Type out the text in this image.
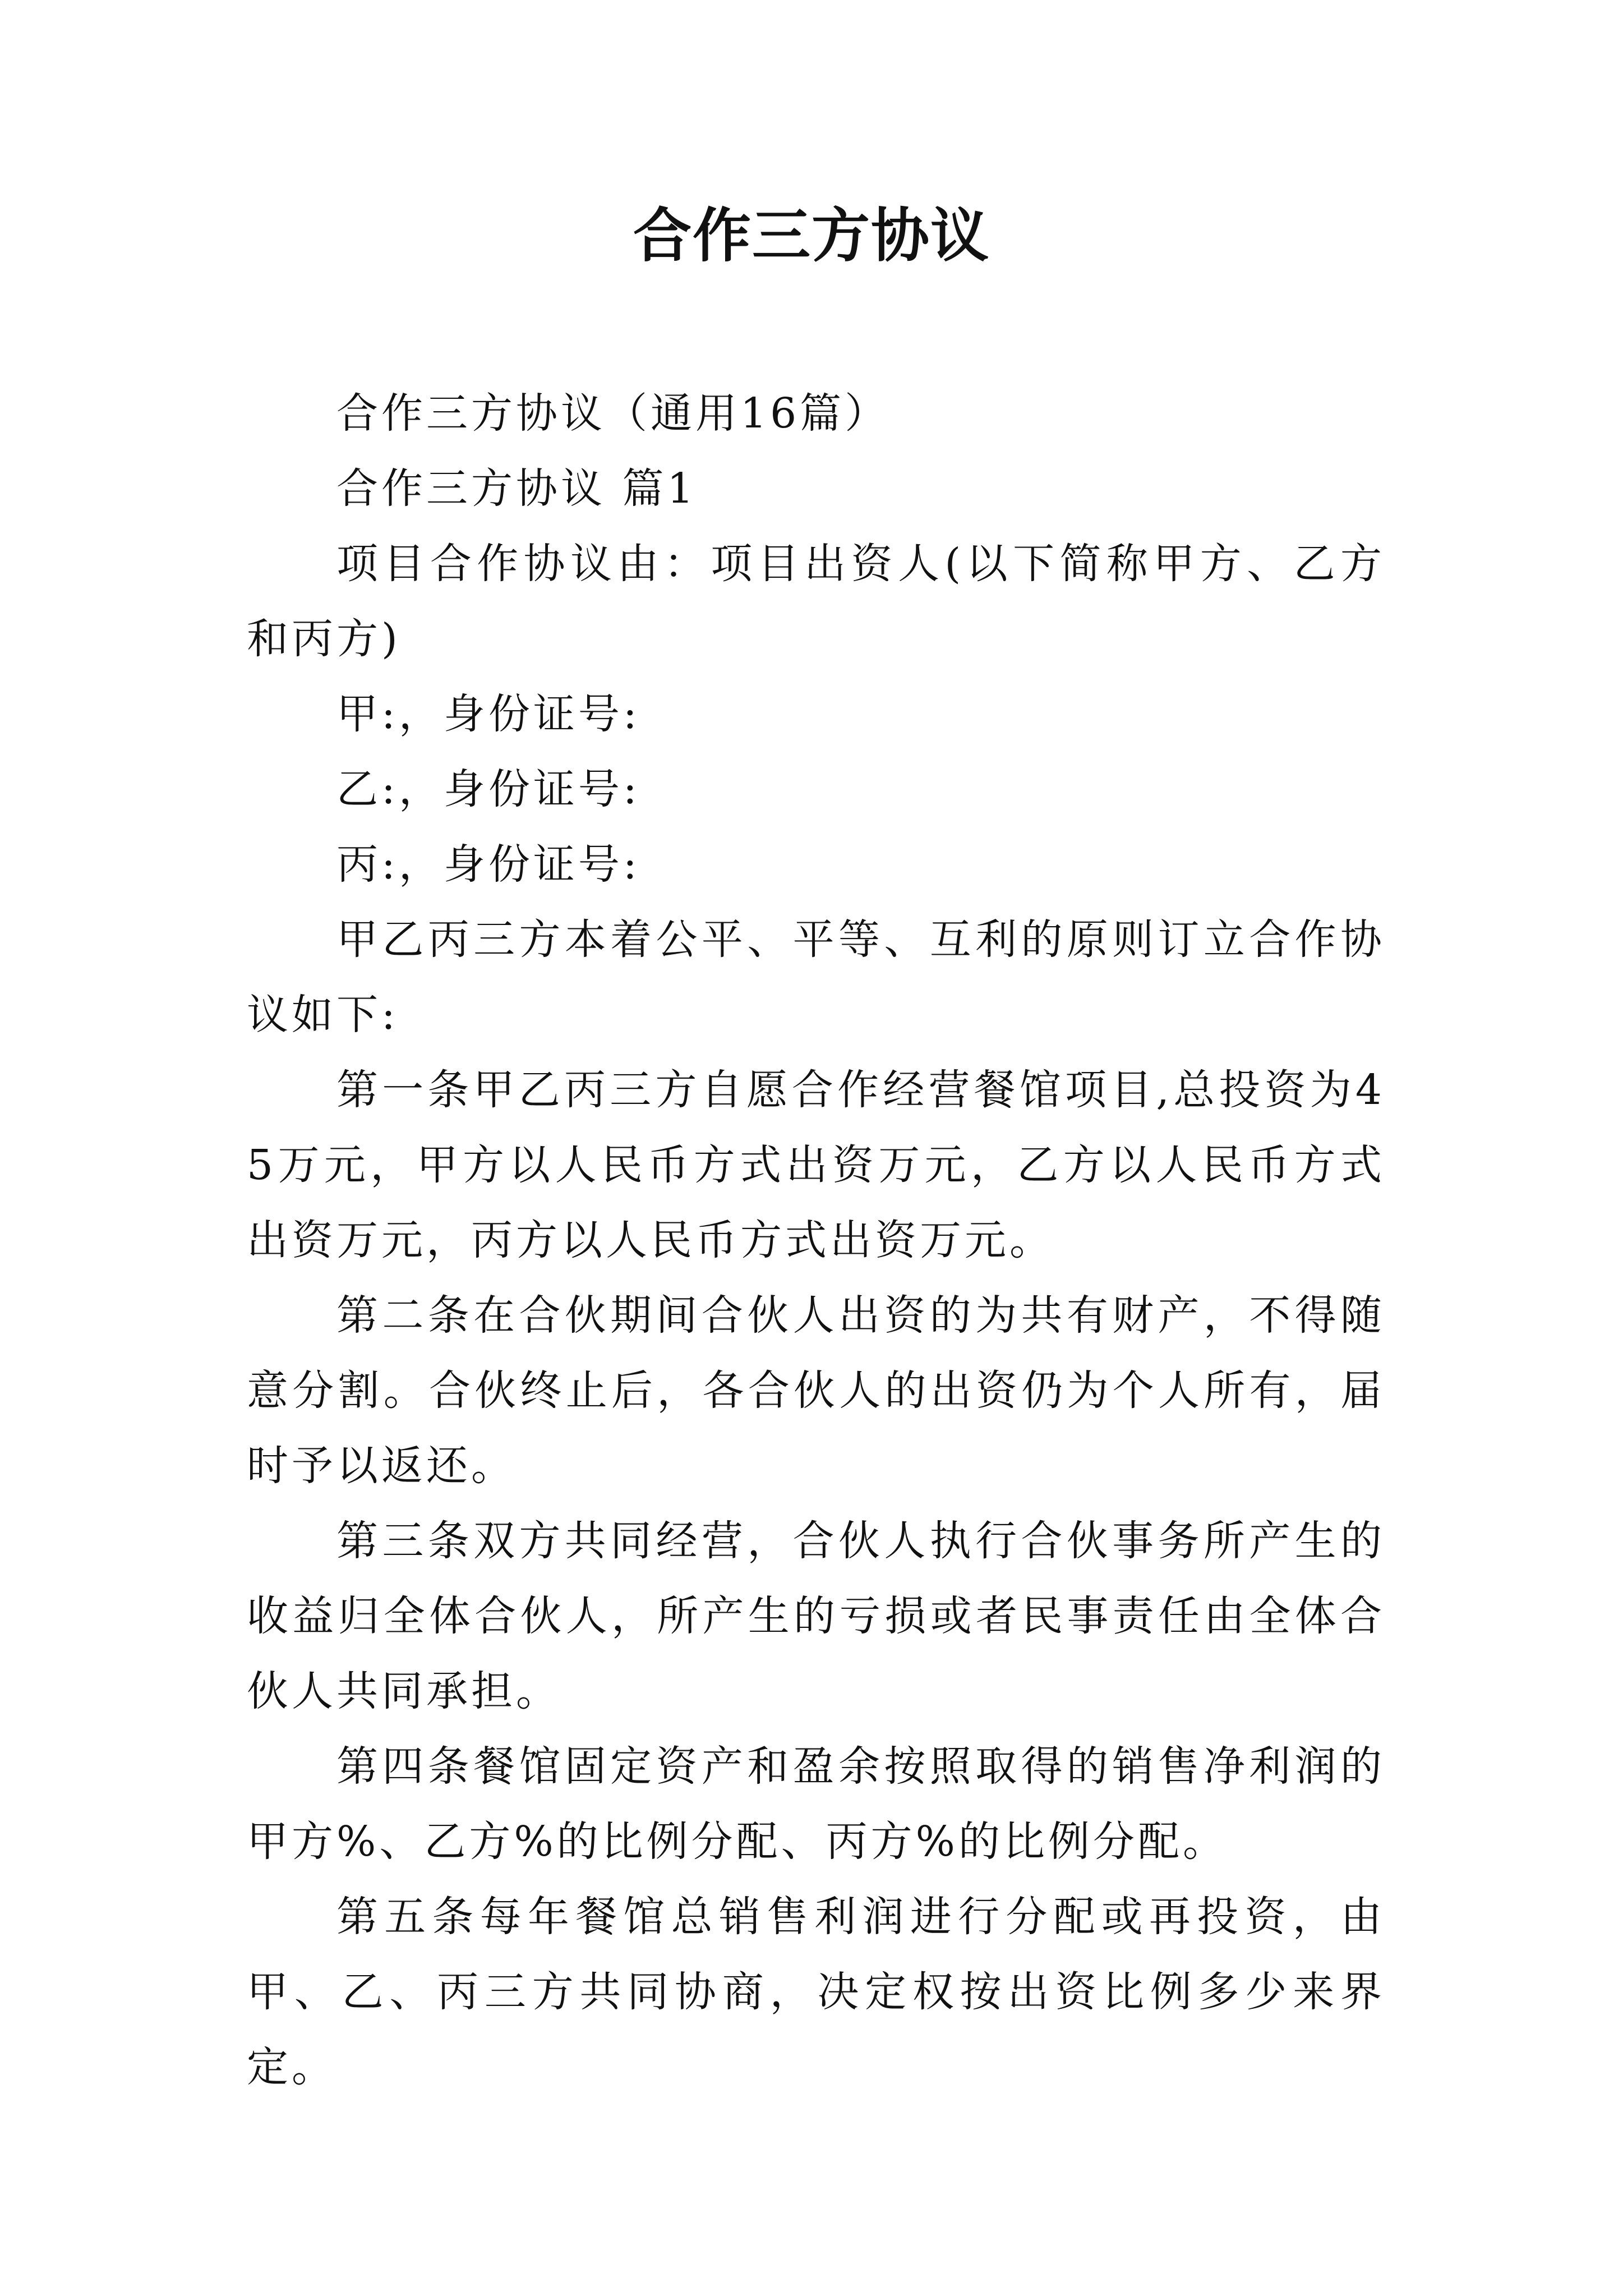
合作三方协议

合作三方协议（通用16篇）

合作三方协议 篇1

项目合作协议由：项目出资人(以下简称甲方、乙方和丙方)

甲:，身份证号:

乙:，身份证号:

丙:，身份证号:

甲乙丙三方本着公平、平等、互利的原则订立合作协议如下:

第一条甲乙丙三方自愿合作经营餐馆项目,总投资为45万元，甲方以人民币方式出资万元，乙方以人民币方式出资万元，丙方以人民币方式出资万元。

第二条在合伙期间合伙人出资的为共有财产，不得随意分割。合伙终止后，各合伙人的出资仍为个人所有，届时予以返还。

第三条双方共同经营，合伙人执行合伙事务所产生的收益归全体合伙人，所产生的亏损或者民事责任由全体合伙人共同承担。

第四条餐馆固定资产和盈余按照取得的销售净利润的甲方%、乙方%的比例分配、丙方%的比例分配。

第五条每年餐馆总销售利润进行分配或再投资，由甲、乙、丙三方共同协商，决定权按出资比例多少来界定。
